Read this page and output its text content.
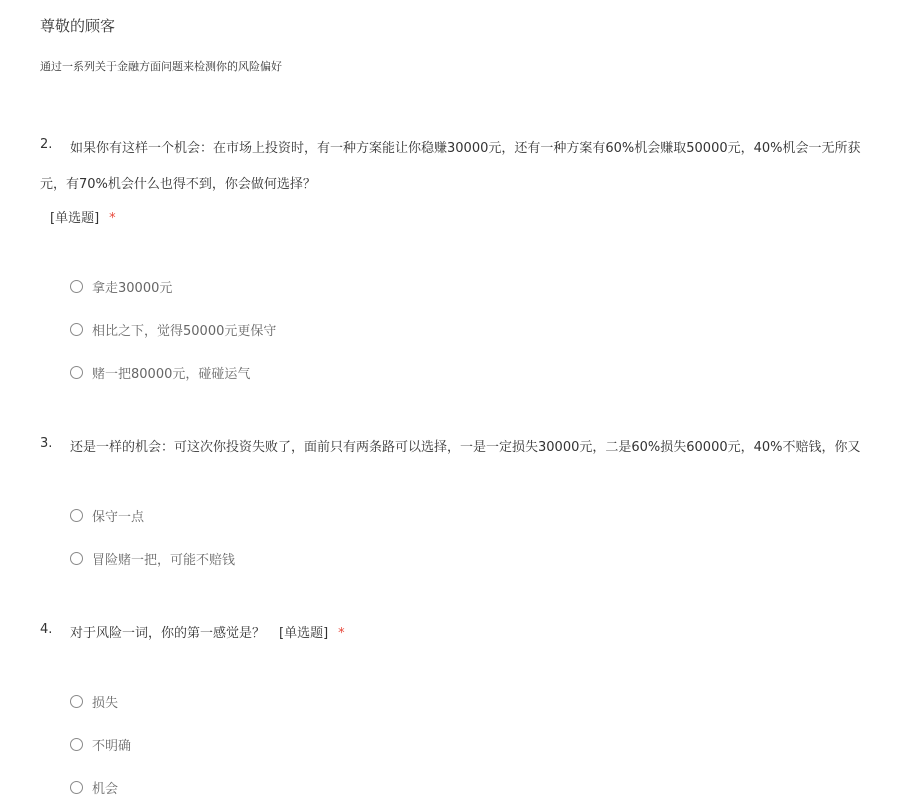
尊敬的顾客
通过一系列关于金融方面问题来检测你的风险偏好
2. 如果你有这样一个机会：在市场上投资时，有一种方案能让你稳赚30000元，还有一种方案有60%机会赚取50000元，40%机会一无所获
元，有70%机会什么也得不到，你会做何选择？
[单选题] *
拿走30000元
相比之下，觉得50000元更保守
赌一把80000元，碰碰运气
3. 还是一样的机会：可这次你投资失败了，面前只有两条路可以选择，一是一定损失30000元，二是60%损失60000元，40%不赔钱，你又
保守一点
冒险赌一把，可能不赔钱
4. 对于风险一词，你的第一感觉是？ [单选题] *
损失
不明确
机会
